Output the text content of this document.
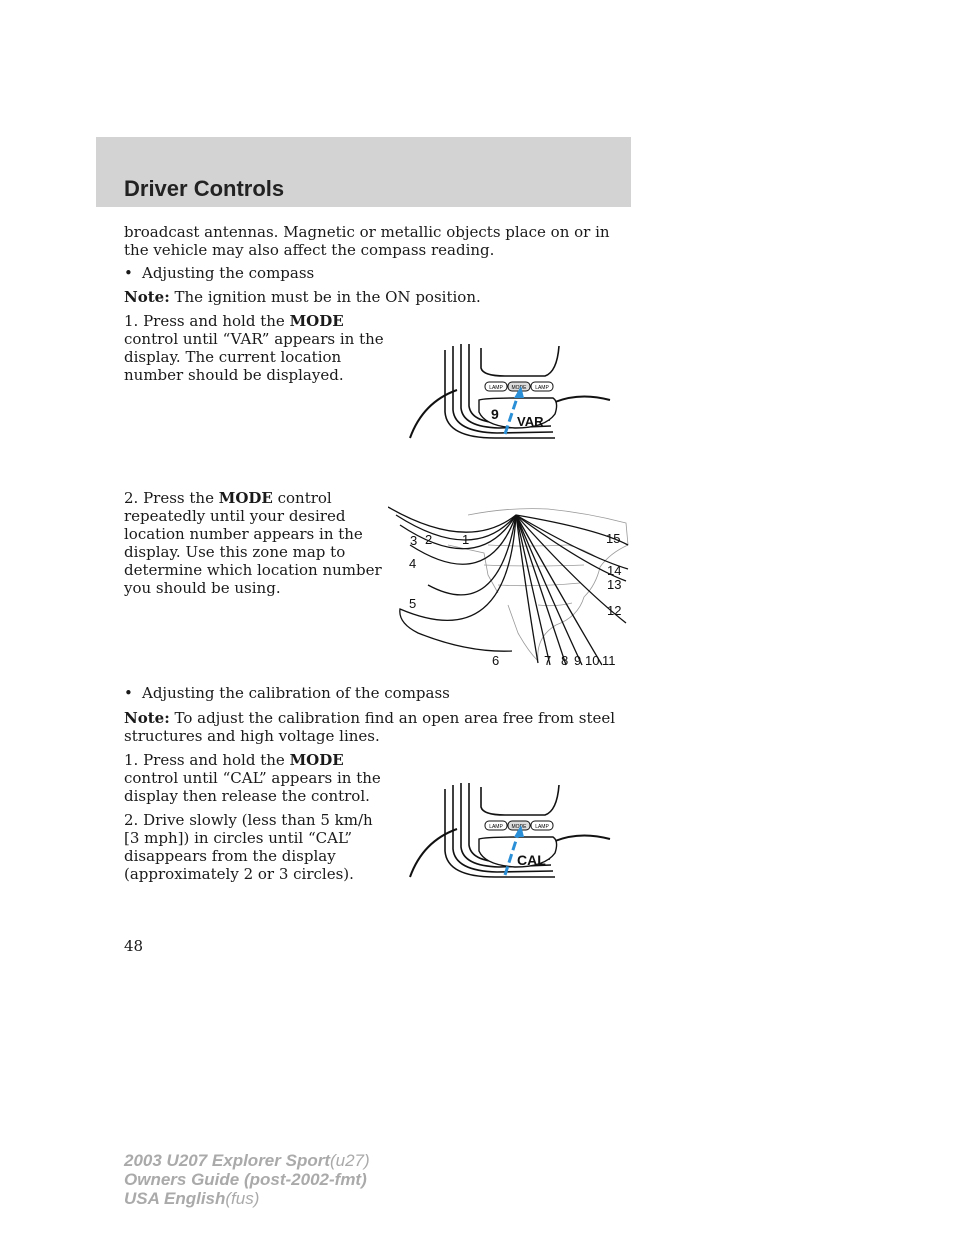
Driver Controls
broadcast antennas. Magnetic or metallic objects place on or in the vehicle may also affect the compass reading.
• Adjusting the compass
Note: The ignition must be in the ON position.
1. Press and hold the MODE control until “VAR” appears in the display. The current location number should be displayed.
2. Press the MODE control repeatedly until your desired location number appears in the display. Use this zone map to determine which location number you should be using.
• Adjusting the calibration of the compass
Note: To adjust the calibration find an open area free from steel structures and high voltage lines.
1. Press and hold the MODE control until “CAL” appears in the display then release the control.
2. Drive slowly (less than 5 km/h [3 mph]) in circles until “CAL” disappears from the display (approximately 2 or 3 circles).
LAMP MODE LAMP
9 VAR
1
2
3
4
5
6	7 8 9 10 11
12
13
14
15
LAMP MODE LAMP
CAL
48
2003 U207 Explorer Sport(u27)
Owners Guide (post-2002-fmt)
USA English(fus)
